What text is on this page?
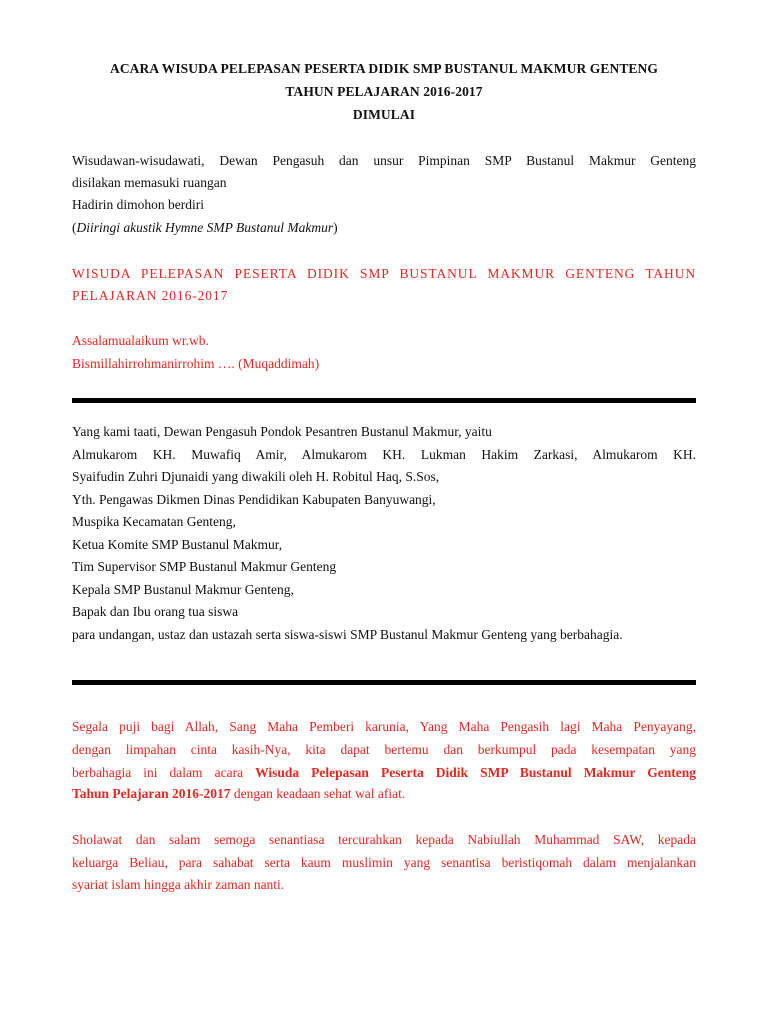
ACARA WISUDA PELEPASAN PESERTA DIDIK SMP BUSTANUL MAKMUR GENTENG
TAHUN PELAJARAN 2016-2017
DIMULAI
Wisudawan-wisudawati, Dewan Pengasuh dan unsur Pimpinan SMP Bustanul Makmur Genteng
disilakan memasuki ruangan
Hadirin dimohon berdiri
(Diiringi akustik Hymne SMP Bustanul Makmur)
WISUDA PELEPASAN PESERTA DIDIK SMP BUSTANUL MAKMUR GENTENG TAHUN
PELAJARAN 2016-2017
Assalamualaikum wr.wb.
Bismillahirrohmanirrohim …. (Muqaddimah)
Yang kami taati, Dewan Pengasuh Pondok Pesantren Bustanul Makmur, yaitu
Almukarom KH. Muwafiq Amir, Almukarom KH. Lukman Hakim Zarkasi, Almukarom KH.
Syaifudin Zuhri Djunaidi yang diwakili oleh H. Robitul Haq, S.Sos,
Yth. Pengawas Dikmen Dinas Pendidikan Kabupaten Banyuwangi,
Muspika Kecamatan Genteng,
Ketua Komite SMP Bustanul Makmur,
Tim Supervisor SMP Bustanul Makmur Genteng
Kepala SMP Bustanul Makmur Genteng,
Bapak dan Ibu orang tua siswa
para undangan, ustaz dan ustazah serta siswa-siswi SMP Bustanul Makmur Genteng yang berbahagia.
Segala puji bagi Allah, Sang Maha Pemberi karunia, Yang Maha Pengasih lagi Maha Penyayang,
dengan limpahan cinta kasih-Nya, kita dapat bertemu dan berkumpul pada kesempatan yang
berbahagia ini dalam acara Wisuda Pelepasan Peserta Didik SMP Bustanul Makmur Genteng
Tahun Pelajaran 2016-2017 dengan keadaan sehat wal afiat.
Sholawat dan salam semoga senantiasa tercurahkan kepada Nabiullah Muhammad SAW, kepada
keluarga Beliau, para sahabat serta kaum muslimin yang senantisa beristiqomah dalam menjalankan
syariat islam hingga akhir zaman nanti.
